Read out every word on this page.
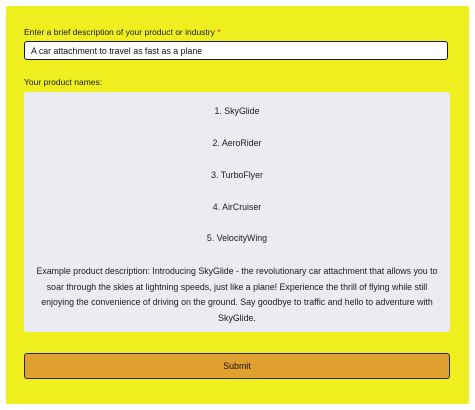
Enter a brief description of your product or industry *
A car attachment to travel as fast as a plane
Your product names:
1. SkyGlide
2. AeroRider
3. TurboFlyer
4. AirCruiser
5. VelocityWing
Example product description: Introducing SkyGlide - the revolutionary car attachment that allows you to soar through the skies at lightning speeds, just like a plane! Experience the thrill of flying while still enjoying the convenience of driving on the ground. Say goodbye to traffic and hello to adventure with SkyGlide.
Submit
